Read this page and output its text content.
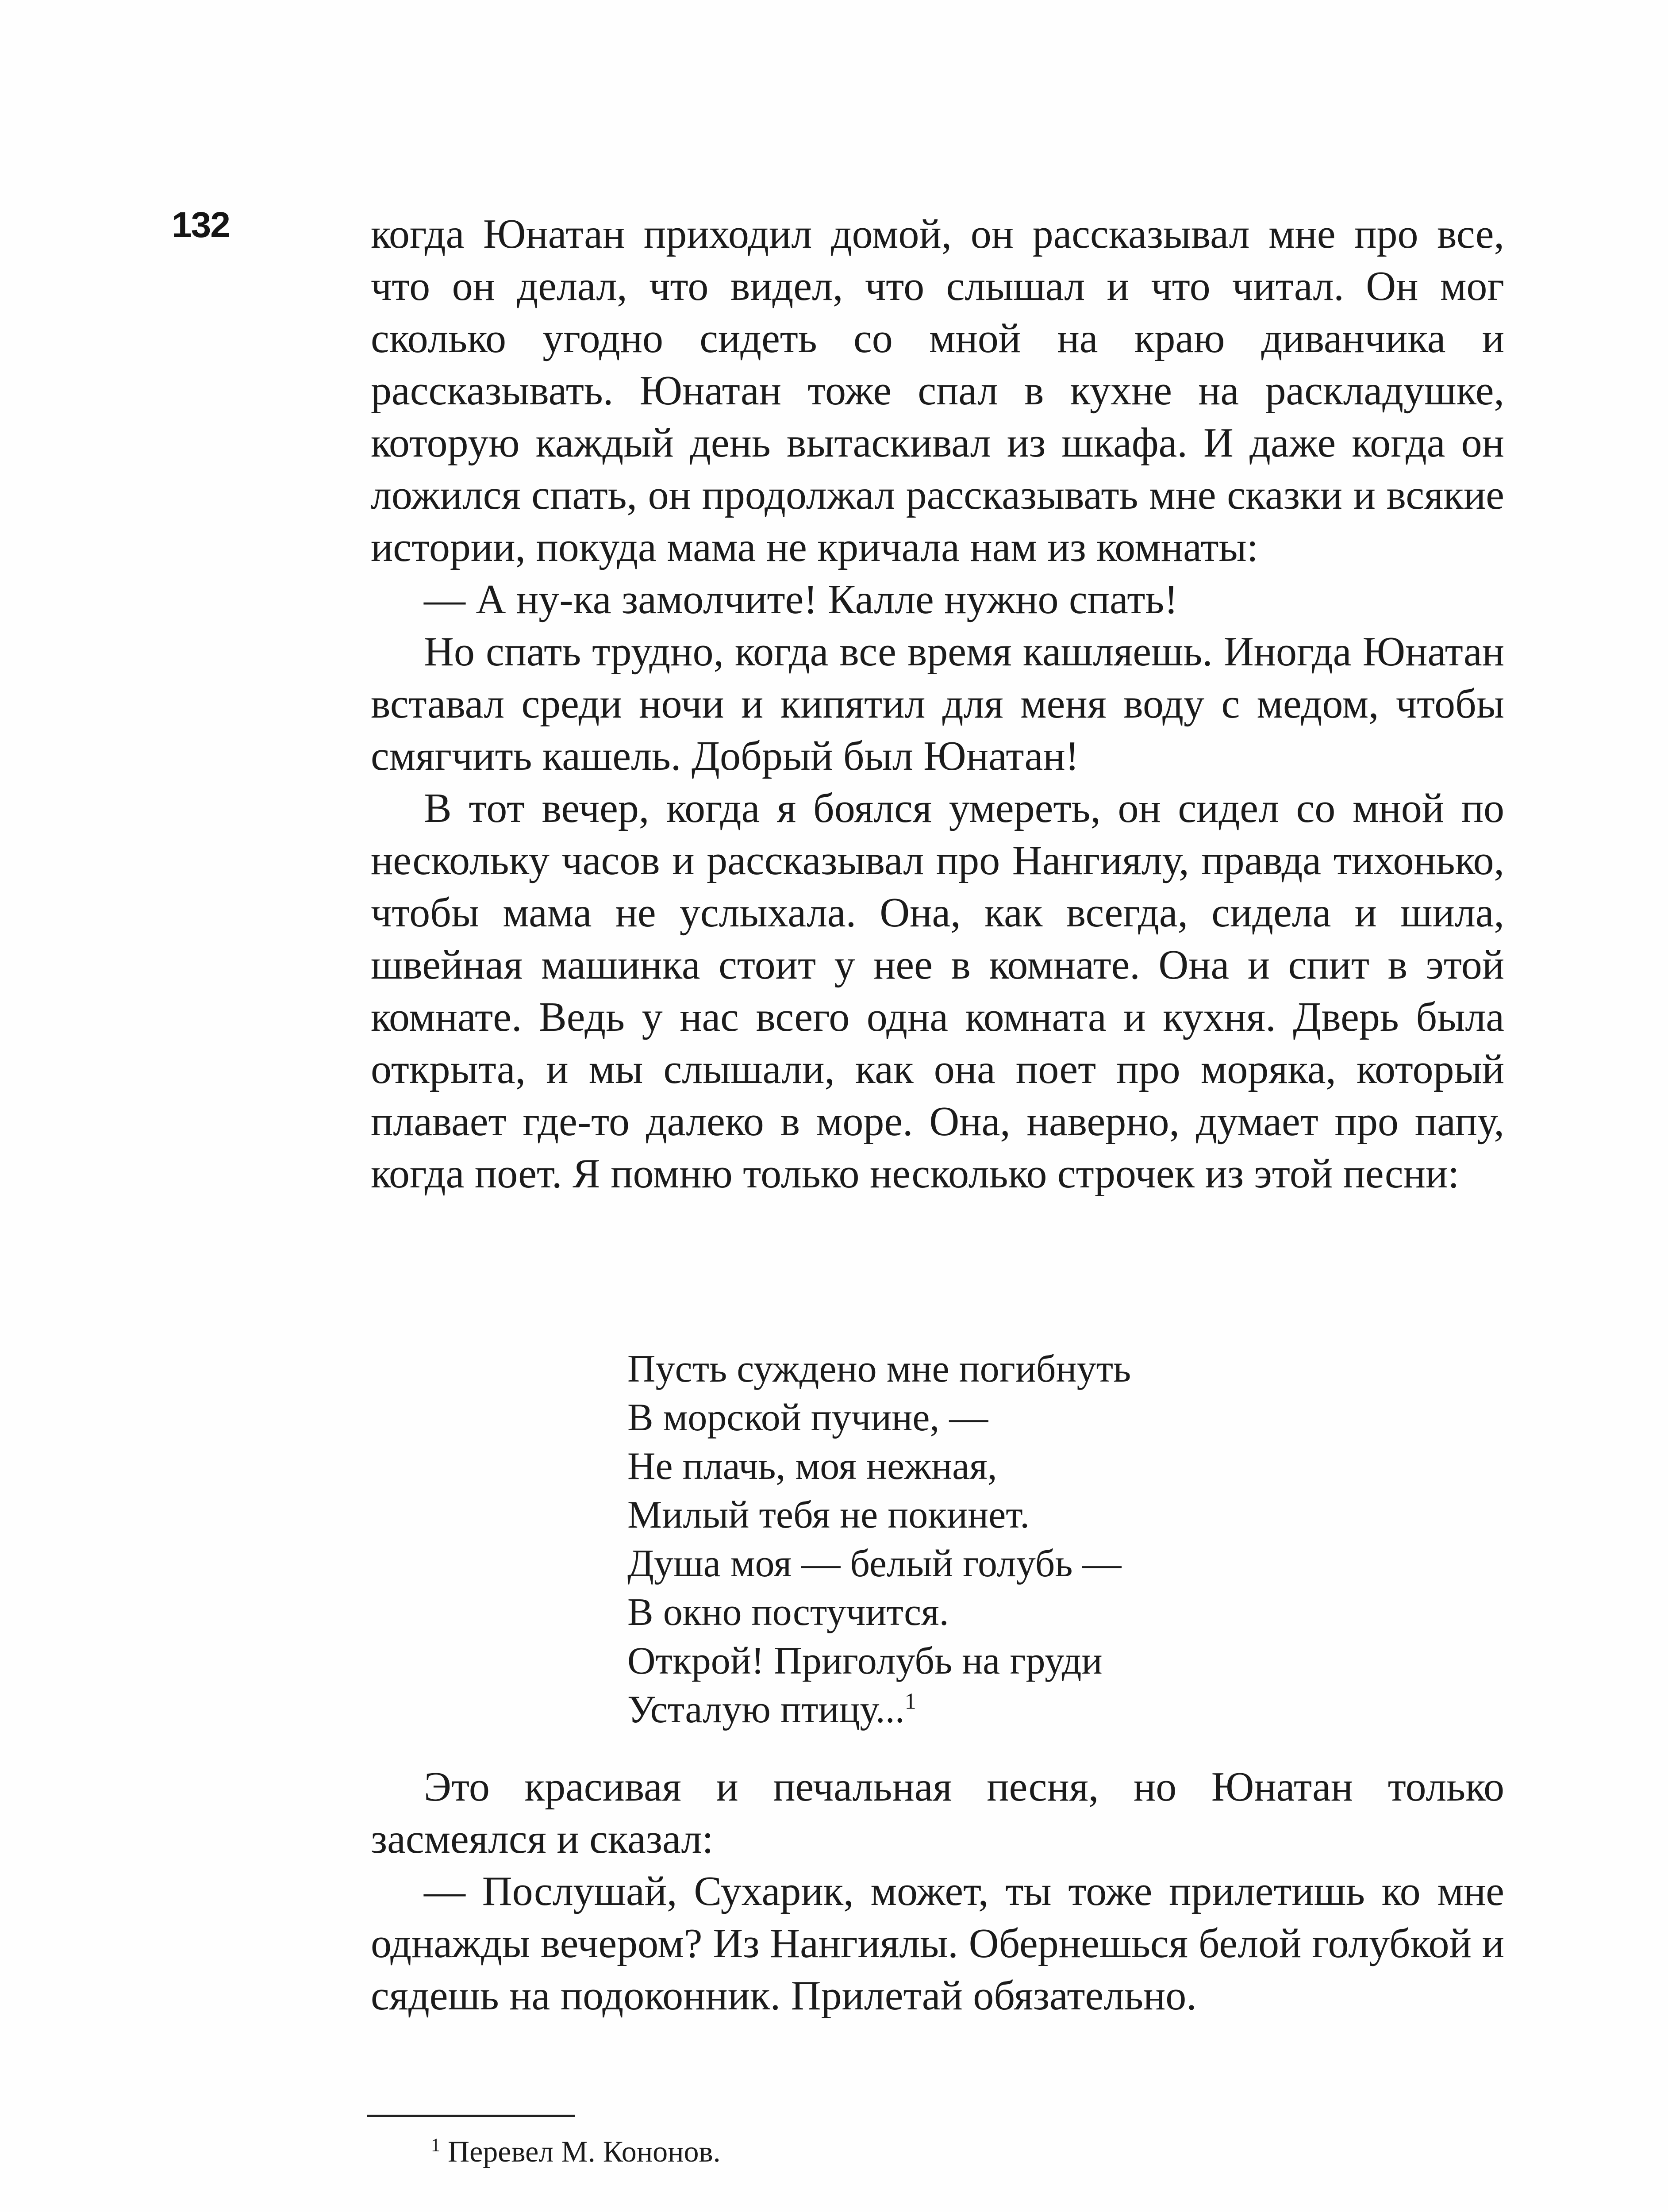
132	когда Юнатан приходил домой, он рассказывал мне про все, что он делал, что видел, что слышал и что читал. Он мог сколько угодно сидеть со мной на краю диванчика и рассказывать. Юнатан тоже спал в кухне на раскладушке, которую каждый день вытаскивал из шкафа. И даже когда он ложился спать, он продолжал рассказывать мне сказки и всякие истории, покуда мама не кричала нам из комнаты:

— А ну-ка замолчите! Калле нужно спать!

Но спать трудно, когда все время кашляешь. Иногда Юнатан вставал среди ночи и кипятил для меня воду с медом, чтобы смягчить кашель. Добрый был Юнатан!

В тот вечер, когда я боялся умереть, он сидел со мной по нескольку часов и рассказывал про Нангиялу, правда тихонько, чтобы мама не услыхала. Она, как всегда, сидела и шила, швейная машинка стоит у нее в комнате. Она и спит в этой комнате. Ведь у нас всего одна комната и кухня. Дверь была открыта, и мы слышали, как она поет про моряка, который плавает где-то далеко в море. Она, наверно, думает про папу, когда поет. Я помню только несколько строчек из этой песни:

Пусть суждено мне погибнуть

В морской пучине, —

Не плачь, моя нежная,

Милый тебя не покинет.

Душа моя — белый голубь —

В окно постучится.

Открой! Приголубь на груди

Усталую птицу...$^1$

Это красивая и печальная песня, но Юнатан только засмеялся и сказал:

— Послушай, Сухарик, может, ты тоже прилетишь ко мне однажды вечером? Из Нангиялы. Обернешься белой голубкой и сядешь на подоконник. Прилетай обязательно.

$^1$ Перевел М. Кононов.
